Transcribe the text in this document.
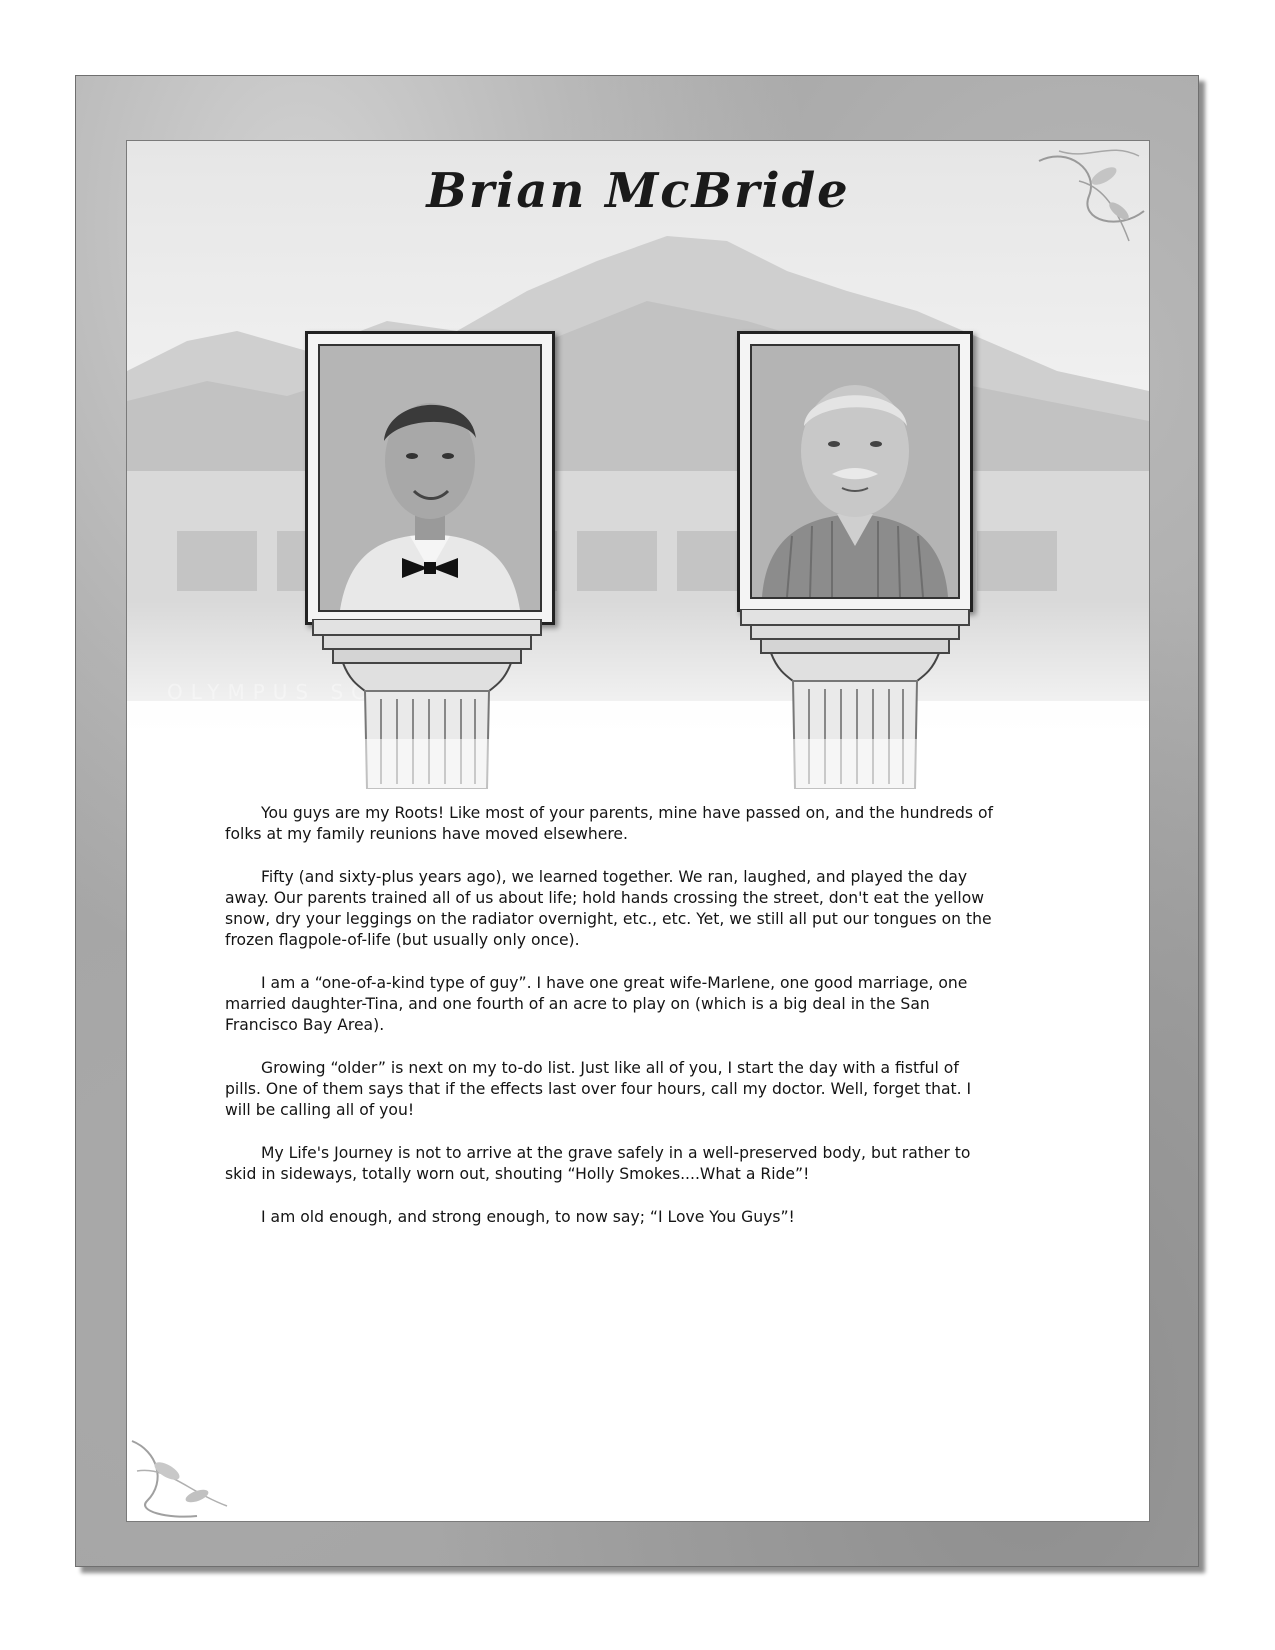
Brian McBride

You guys are my Roots! Like most of your parents, mine have passed on, and the hundreds of folks at my family reunions have moved elsewhere.

Fifty (and sixty-plus years ago), we learned together. We ran, laughed, and played the day away. Our parents trained all of us about life; hold hands crossing the street, don't eat the yellow snow, dry your leggings on the radiator overnight, etc., etc. Yet, we still all put our tongues on the frozen flagpole-of-life (but usually only once).

I am a “one-of-a-kind type of guy”. I have one great wife-Marlene, one good marriage, one married daughter-Tina, and one fourth of an acre to play on (which is a big deal in the San Francisco Bay Area).

Growing “older” is next on my to-do list. Just like all of you, I start the day with a fistful of pills. One of them says that if the effects last over four hours, call my doctor. Well, forget that. I will be calling all of you!

My Life's Journey is not to arrive at the grave safely in a well-preserved body, but rather to skid in sideways, totally worn out, shouting “Holly Smokes....What a Ride”!

I am old enough, and strong enough, to now say; “I Love You Guys”!
